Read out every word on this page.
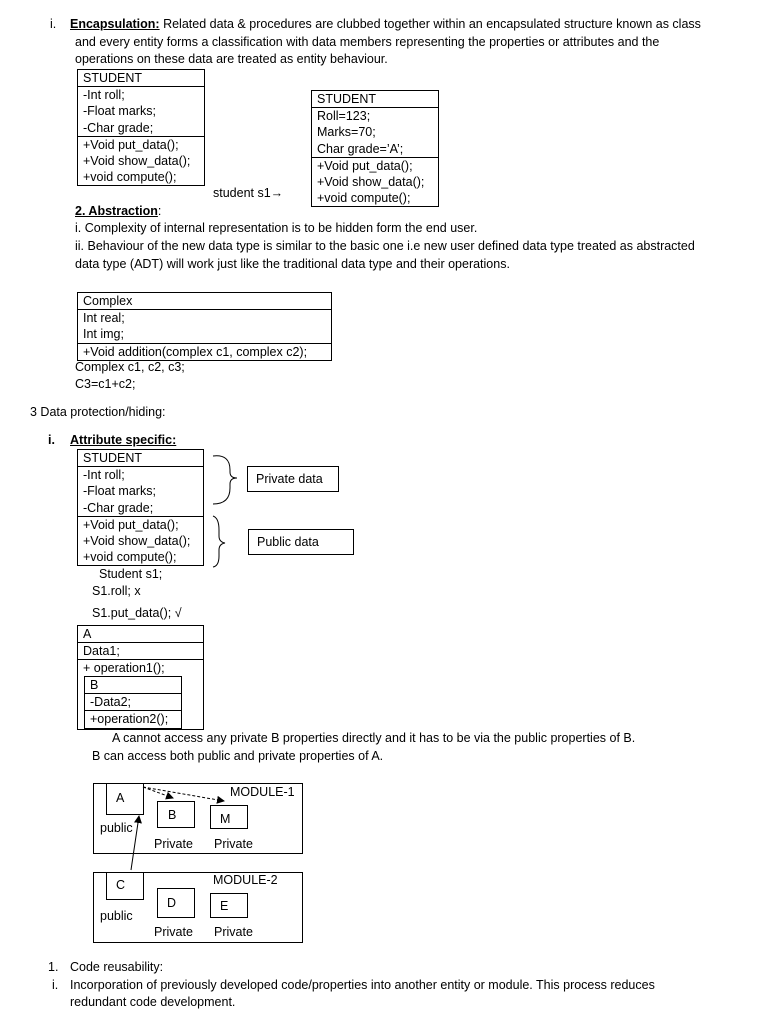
i. Encapsulation: Related data & procedures are clubbed together within an encapsulated structure known as class
and every entity forms a classification with data members representing the properties or attributes and the
operations on these data are treated as entity behaviour.
STUDENT
-Int roll;
-Float marks;
-Char grade;
+Void put_data();
+Void show_data();
+void compute();
student s1→
STUDENT
Roll=123;
Marks=70;
Char grade=’A’;
+Void put_data();
+Void show_data();
+void compute();
2. Abstraction:
i. Complexity of internal representation is to be hidden form the end user.
ii. Behaviour of the new data type is similar to the basic one i.e new user defined data type treated as abstracted
data type (ADT) will work just like the traditional data type and their operations.
Complex
Int real;
Int img;
+Void addition(complex c1, complex c2);
Complex c1, c2, c3;
C3=c1+c2;
3 Data protection/hiding:
i. Attribute specific:
STUDENT
-Int roll;
-Float marks;
-Char grade;
+Void put_data();
+Void show_data();
+void compute();
Private data
Public data
Student s1;
S1.roll; x
S1.put_data(); √
A
Data1;
+ operation1();
B
-Data2;
+operation2();
A cannot access any private B properties directly and it has to be via the public properties of B.
B can access both public and private properties of A.
A	MODULE-1
B	M
public
Private Private
C	MODULE-2
D	E
public
Private Private
1. Code reusability:
i. Incorporation of previously developed code/properties into another entity or module. This process reduces
redundant code development.
